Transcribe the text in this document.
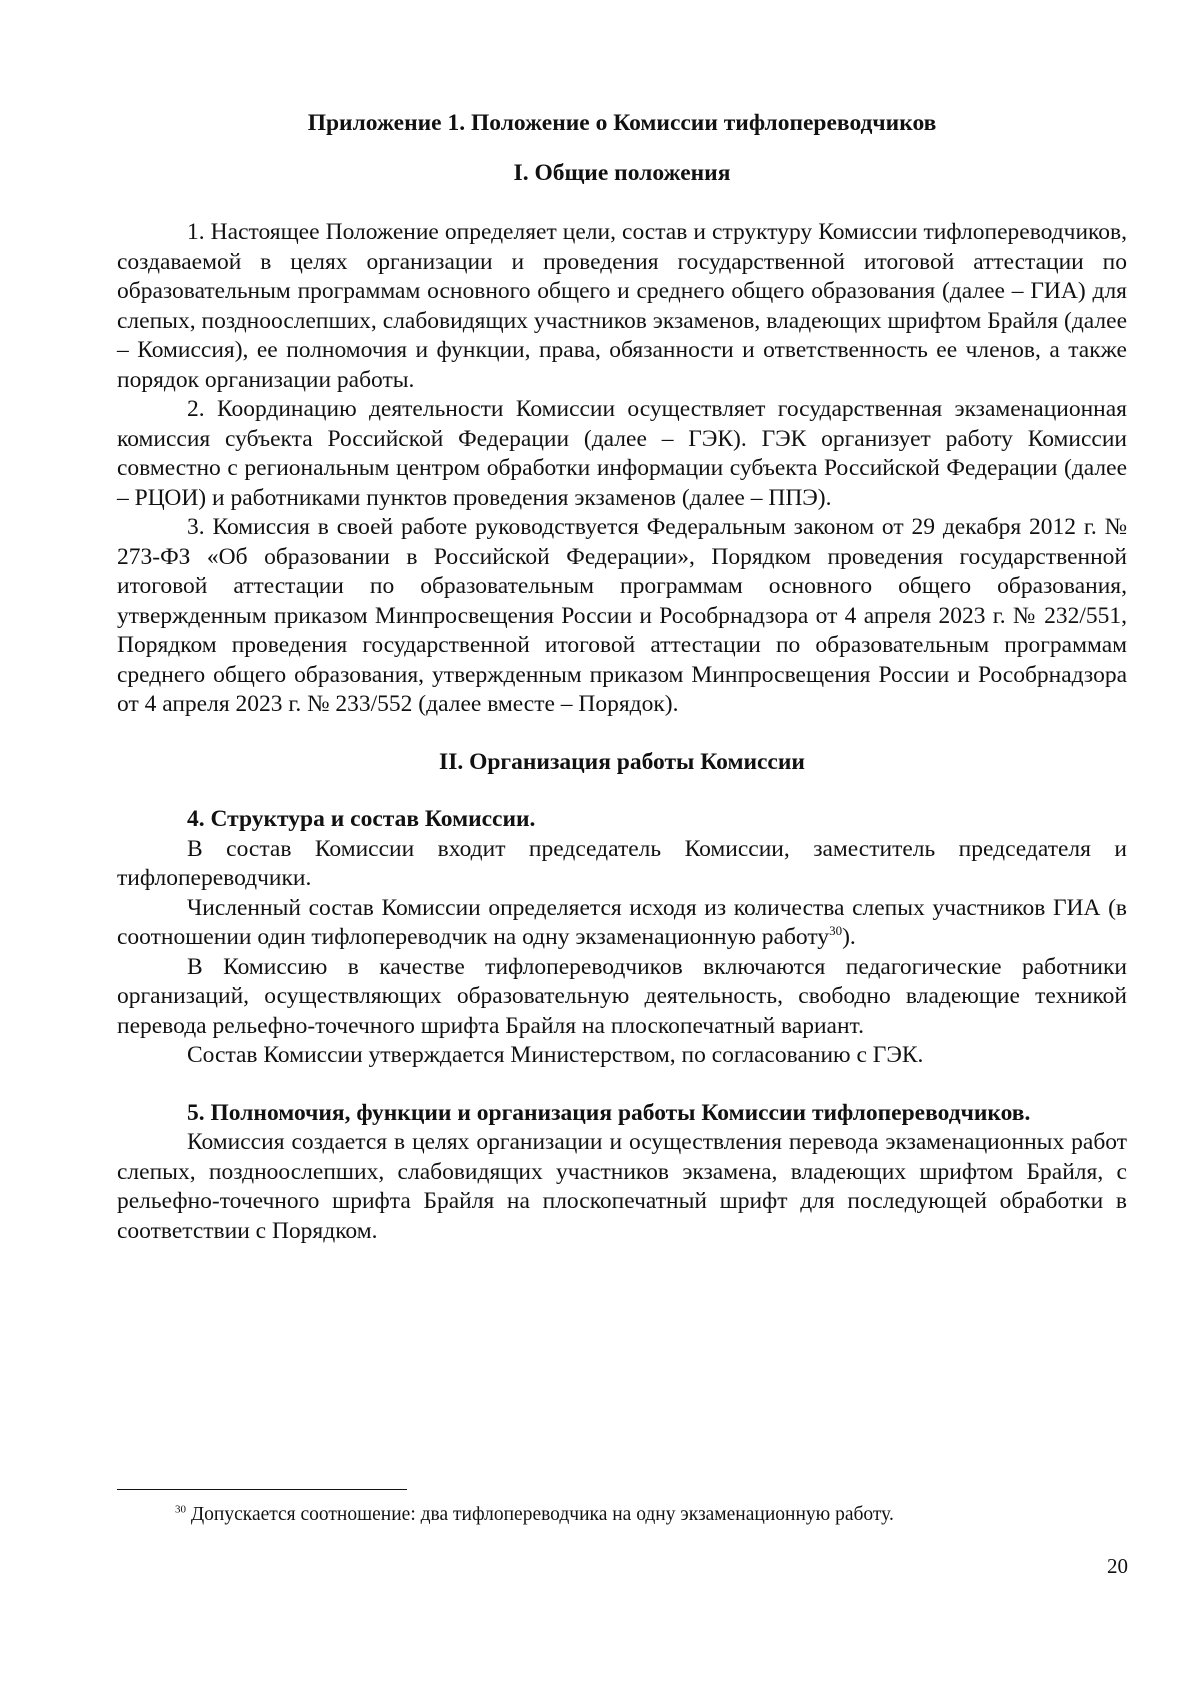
Приложение 1. Положение о Комиссии тифлопереводчиков

I. Общие положения

1. Настоящее Положение определяет цели, состав и структуру Комиссии тифлопереводчиков, создаваемой в целях организации и проведения государственной итоговой аттестации по образовательным программам основного общего и среднего общего образования (далее – ГИА) для слепых, поздноослепших, слабовидящих участников экзаменов, владеющих шрифтом Брайля (далее – Комиссия), ее полномочия и функции, права, обязанности и ответственность ее членов, а также порядок организации работы.

2. Координацию деятельности Комиссии осуществляет государственная экзаменационная комиссия субъекта Российской Федерации (далее – ГЭК). ГЭК организует работу Комиссии совместно с региональным центром обработки информации субъекта Российской Федерации (далее – РЦОИ) и работниками пунктов проведения экзаменов (далее – ППЭ).

3. Комиссия в своей работе руководствуется Федеральным законом от 29 декабря 2012 г. № 273-ФЗ «Об образовании в Российской Федерации», Порядком проведения государственной итоговой аттестации по образовательным программам основного общего образования, утвержденным приказом Минпросвещения России и Рособрнадзора от 4 апреля 2023 г. № 232/551, Порядком проведения государственной итоговой аттестации по образовательным программам среднего общего образования, утвержденным приказом Минпросвещения России и Рособрнадзора от 4 апреля 2023 г. № 233/552 (далее вместе – Порядок).

II. Организация работы Комиссии

4. Структура и состав Комиссии.

В состав Комиссии входит председатель Комиссии, заместитель председателя и тифлопереводчики.

Численный состав Комиссии определяется исходя из количества слепых участников ГИА (в соотношении один тифлопереводчик на одну экзаменационную работу$^{30}$).

В Комиссию в качестве тифлопереводчиков включаются педагогические работники организаций, осуществляющих образовательную деятельность, свободно владеющие техникой перевода рельефно-точечного шрифта Брайля на плоскопечатный вариант.

Состав Комиссии утверждается Министерством, по согласованию с ГЭК.

5. Полномочия, функции и организация работы Комиссии тифлопереводчиков.

Комиссия создается в целях организации и осуществления перевода экзаменационных работ слепых, поздноослепших, слабовидящих участников экзамена, владеющих шрифтом Брайля, с рельефно-точечного шрифта Брайля на плоскопечатный шрифт для последующей обработки в соответствии с Порядком.

$^{30}$ Допускается соотношение: два тифлопереводчика на одну экзаменационную работу.
20
